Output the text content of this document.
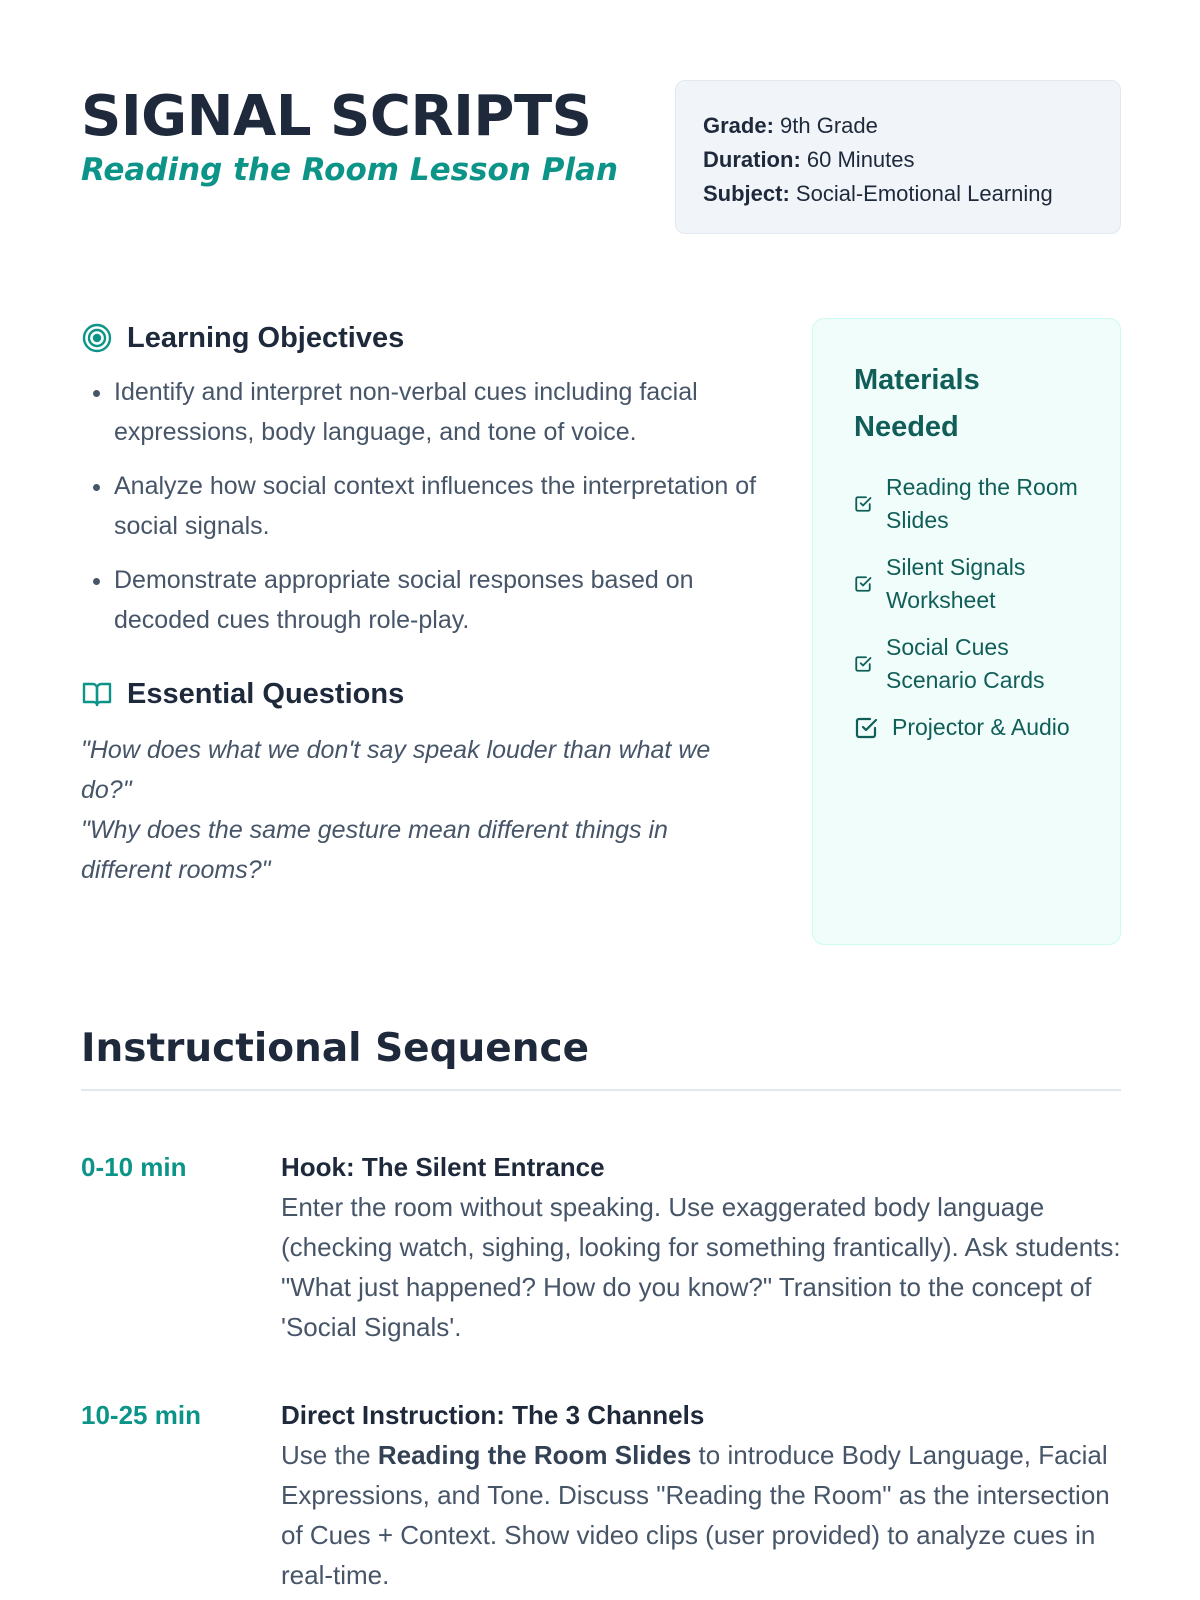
SIGNAL SCRIPTS
Reading the Room Lesson Plan
Grade: 9th Grade
Duration: 60 Minutes
Subject: Social-Emotional Learning
Learning Objectives
• Identify and interpret non-verbal cues including facial expressions, body language, and tone of voice.
• Analyze how social context influences the interpretation of social signals.
• Demonstrate appropriate social responses based on decoded cues through role-play.
Essential Questions

"How does what we don't say speak louder than what we do?"

"Why does the same gesture mean different things in different rooms?"

Materials Needed
Reading the Room Slides
Silent Signals Worksheet
Social Cues Scenario Cards
Projector & Audio
Instructional Sequence
0-10 min	Hook: The Silent Entrance

Enter the room without speaking. Use exaggerated body language (checking watch, sighing, looking for something frantically). Ask students: "What just happened? How do you know?" Transition to the concept of 'Social Signals'.

10-25 min	Direct Instruction: The 3 Channels

Use the Reading the Room Slides to introduce Body Language, Facial Expressions, and Tone. Discuss "Reading the Room" as the intersection of Cues + Context. Show video clips (user provided) to analyze cues in real-time.
